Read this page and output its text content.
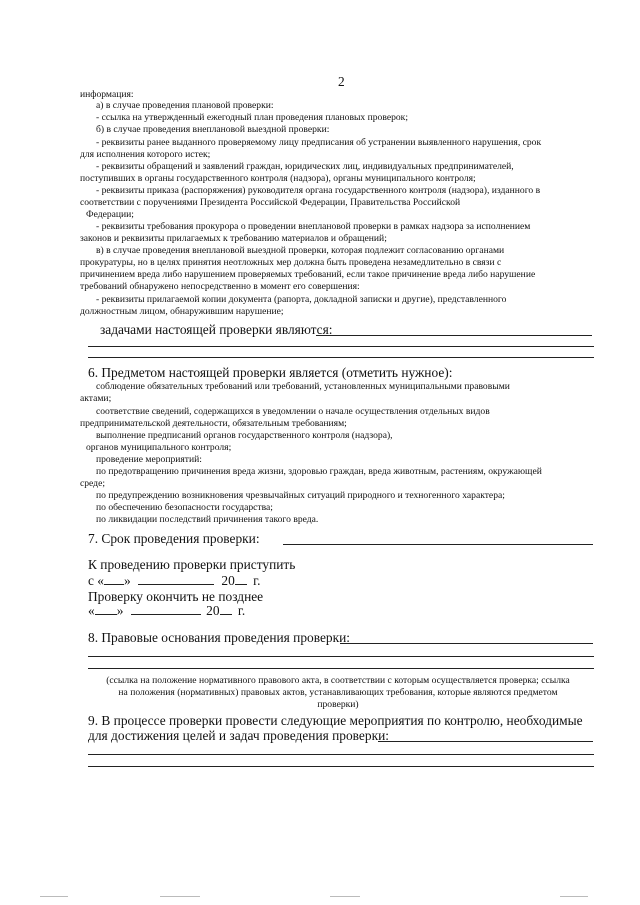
2
информация:
а) в случае проведения плановой проверки:
- ссылка на утвержденный ежегодный план проведения плановых проверок;
б) в случае проведения внеплановой выездной проверки:
- реквизиты ранее выданного проверяемому лицу предписания об устранении выявленного нарушения, срок
для исполнения которого истек;
- реквизиты обращений и заявлений граждан, юридических лиц, индивидуальных предпринимателей,
поступивших в органы государственного контроля (надзора), органы муниципального контроля;
- реквизиты приказа (распоряжения) руководителя органа государственного контроля (надзора), изданного в
соответствии с поручениями Президента Российской Федерации, Правительства Российской
Федерации;
- реквизиты требования прокурора о проведении внеплановой проверки в рамках надзора за исполнением
законов и реквизиты прилагаемых к требованию материалов и обращений;
в) в случае проведения внеплановой выездной проверки, которая подлежит согласованию органами
прокуратуры, но в целях принятия неотложных мер должна быть проведена незамедлительно в связи с
причинением вреда либо нарушением проверяемых требований, если такое причинение вреда либо нарушение
требований обнаружено непосредственно в момент его совершения:
- реквизиты прилагаемой копии документа (рапорта, докладной записки и другие), представленного
должностным лицом, обнаружившим нарушение;
задачами настоящей проверки являются:
6. Предметом настоящей проверки является (отметить нужное):
соблюдение обязательных требований или требований, установленных муниципальными правовыми
актами;
соответствие сведений, содержащихся в уведомлении о начале осуществления отдельных видов
предпринимательской деятельности, обязательным требованиям;
выполнение предписаний органов государственного контроля (надзора),
органов муниципального контроля;
проведение мероприятий:
по предотвращению причинения вреда жизни, здоровью граждан, вреда животным, растениям, окружающей
среде;
по предупреждению возникновения чрезвычайных ситуаций природного и техногенного характера;
по обеспечению безопасности государства;
по ликвидации последствий причинения такого вреда.
7. Срок проведения проверки:
К проведению проверки приступить
с « »	20 г.
Проверку окончить не позднее
« »	20 г.
8. Правовые основания проведения проверки:
(ссылка на положение нормативного правового акта, в соответствии с которым осуществляется проверка; ссылка
на положения (нормативных) правовых актов, устанавливающих требования, которые являются предметом
проверки)
9. В процессе проверки провести следующие мероприятия по контролю, необходимые
для достижения целей и задач проведения проверки:
